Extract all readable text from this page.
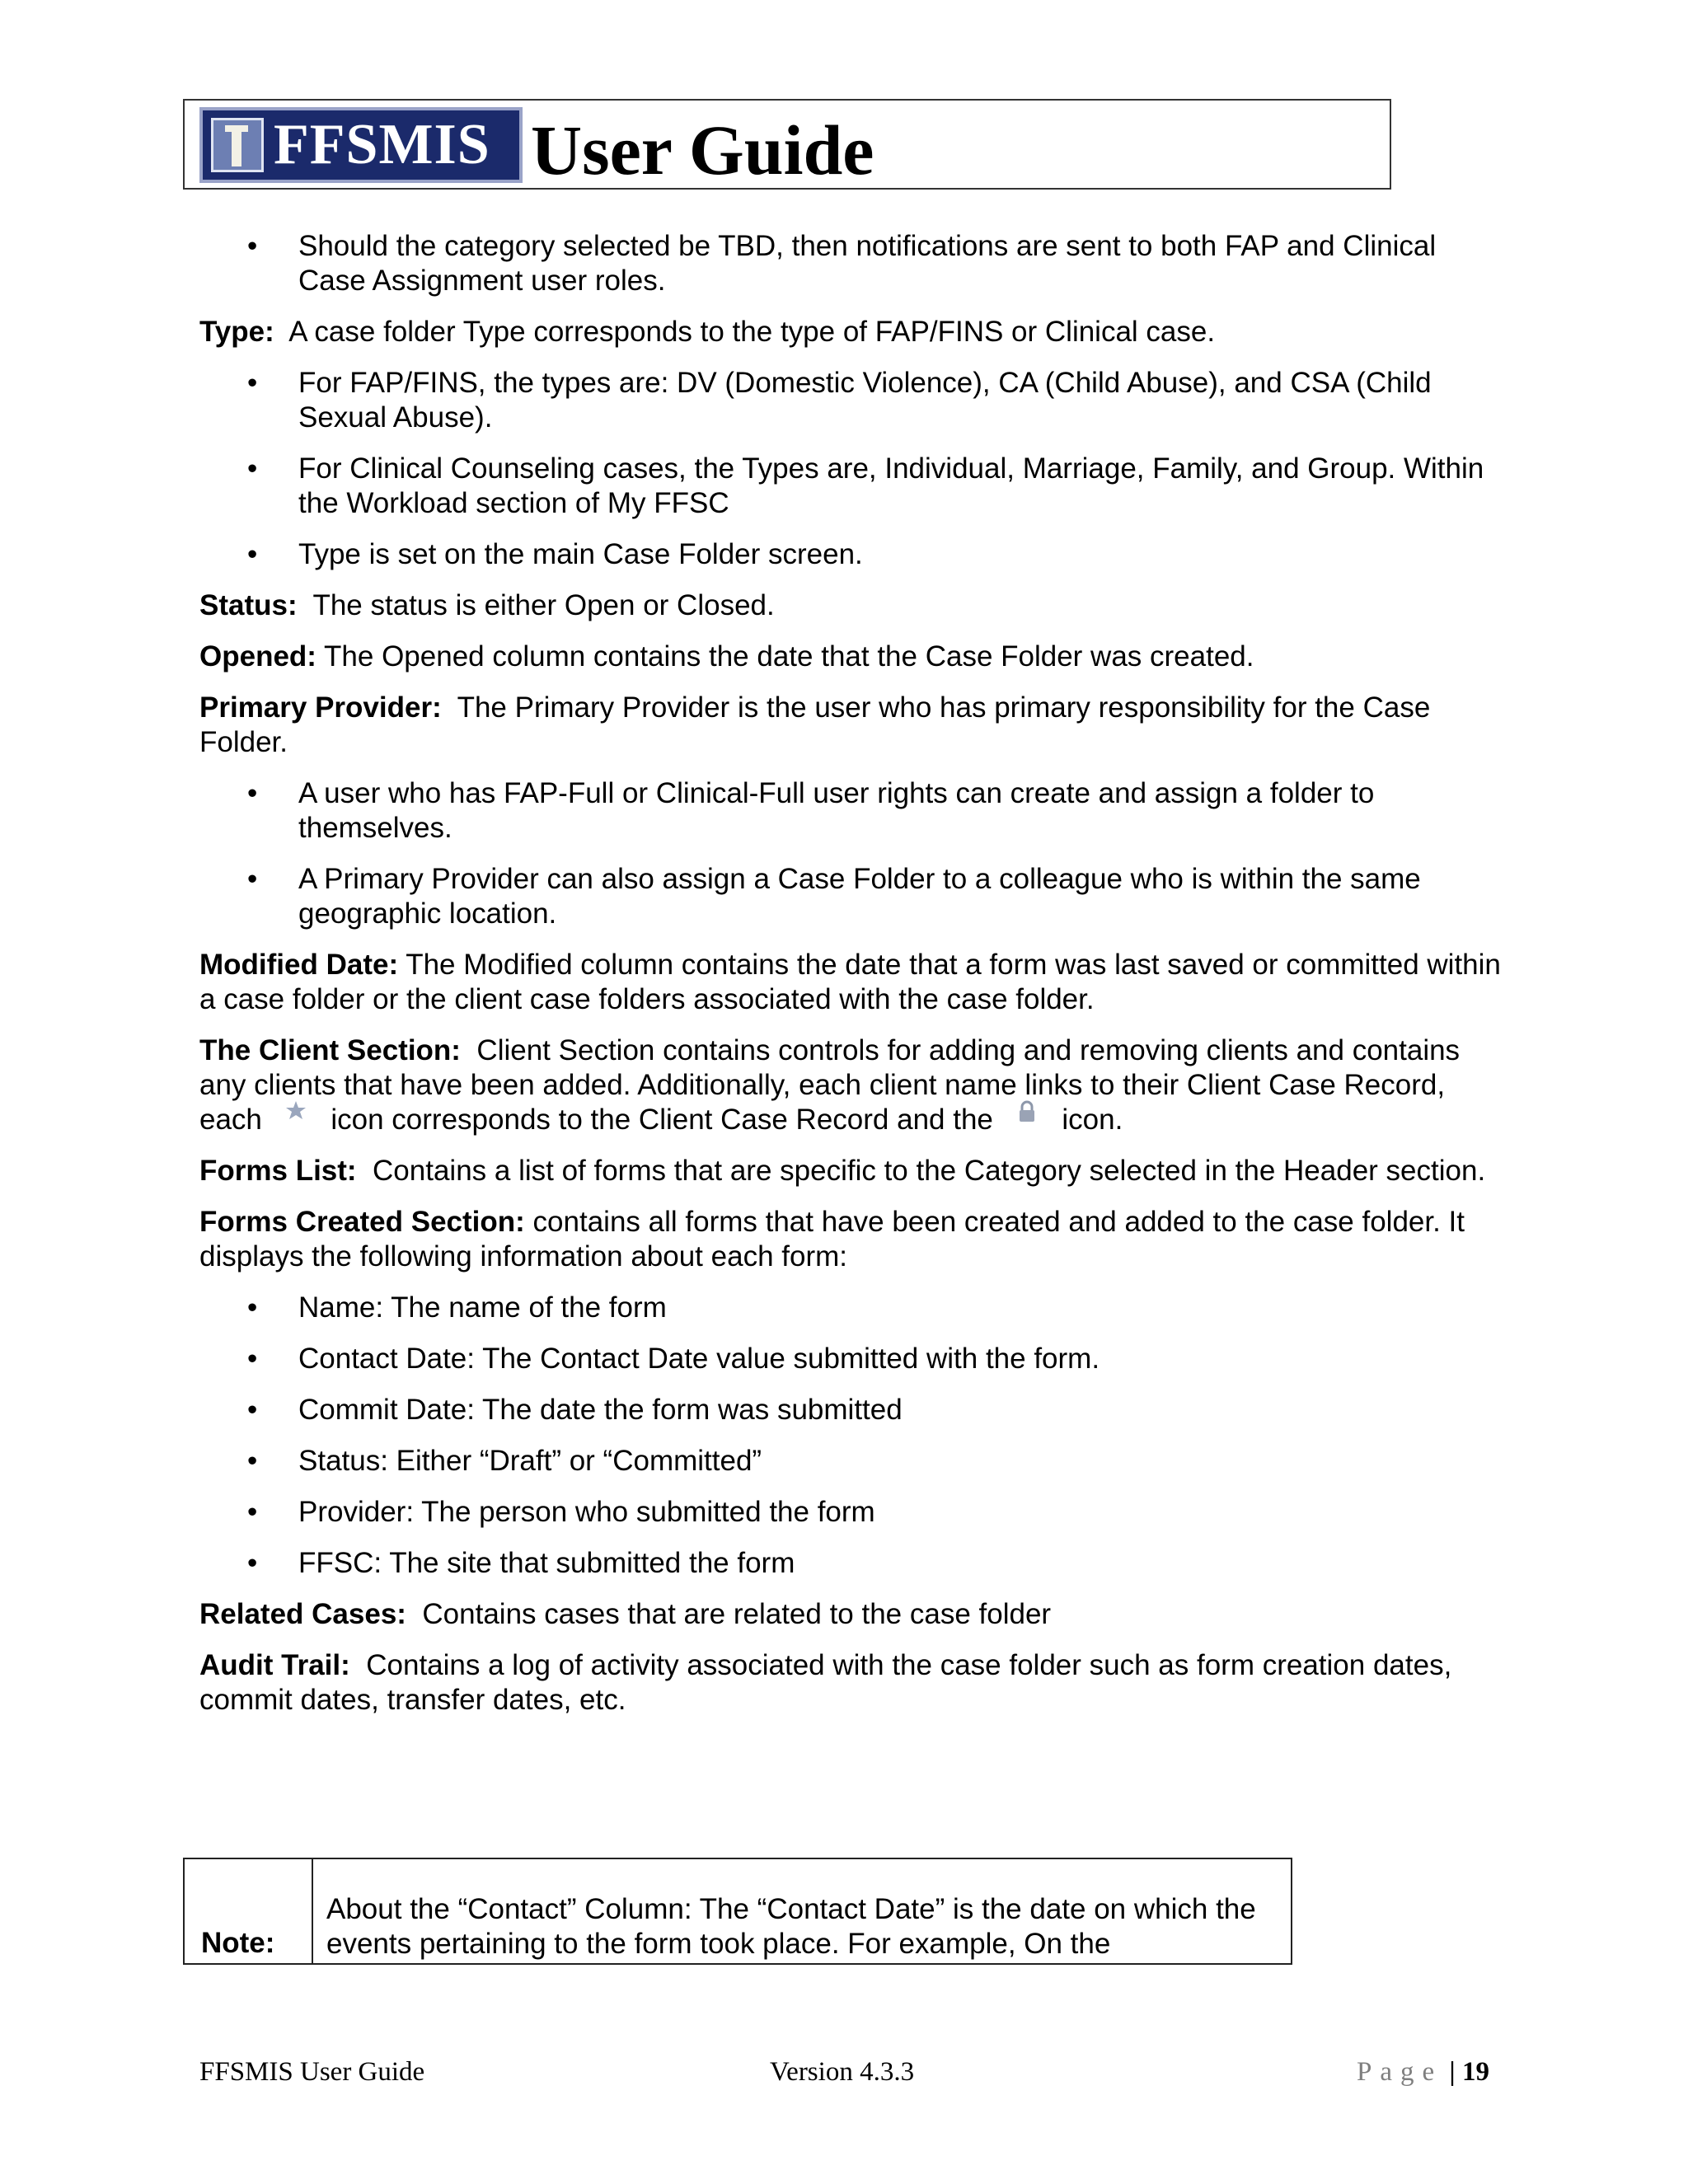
FFSMIS User Guide
• Should the category selected be TBD, then notifications are sent to both FAP and Clinical Case Assignment user roles.

Type: A case folder Type corresponds to the type of FAP/FINS or Clinical case.

• For FAP/FINS, the types are: DV (Domestic Violence), CA (Child Abuse), and CSA (Child Sexual Abuse).
• For Clinical Counseling cases, the Types are, Individual, Marriage, Family, and Group. Within the Workload section of My FFSC
• Type is set on the main Case Folder screen.

Status: The status is either Open or Closed.

Opened: The Opened column contains the date that the Case Folder was created.

Primary Provider: The Primary Provider is the user who has primary responsibility for the Case Folder.

• A user who has FAP-Full or Clinical-Full user rights can create and assign a folder to themselves.
• A Primary Provider can also assign a Case Folder to a colleague who is within the same geographic location.

Modified Date: The Modified column contains the date that a form was last saved or committed within a case folder or the client case folders associated with the case folder.

The Client Section: Client Section contains controls for adding and removing clients and contains any clients that have been added. Additionally, each client name links to their Client Case Record, each icon corresponds to the Client Case Record and the icon.

Forms List: Contains a list of forms that are specific to the Category selected in the Header section.

Forms Created Section: contains all forms that have been created and added to the case folder. It displays the following information about each form:

• Name: The name of the form
• Contact Date: The Contact Date value submitted with the form.
• Commit Date: The date the form was submitted
• Status: Either “Draft” or “Committed”
• Provider: The person who submitted the form
• FFSC: The site that submitted the form

Related Cases: Contains cases that are related to the case folder

Audit Trail: Contains a log of activity associated with the case folder such as form creation dates, commit dates, transfer dates, etc.

Note:
About the “Contact” Column: The “Contact Date” is the date on which the events pertaining to the form took place. For example, On the
FFSMIS User Guide	Version 4.3.3	Page | 19
